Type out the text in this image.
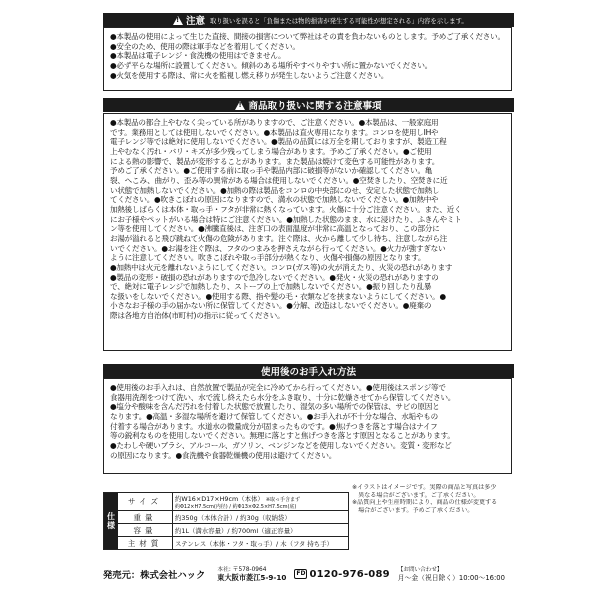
!
注意 取り扱いを誤ると「負傷または物的損害が発生する可能性が想定される」内容を示します。
●本製品の使用によって生じた直接、間接の損害について弊社はその責を負わないものとします。予めご了承ください。
●安全のため、使用の際は軍手などを着用してください。
●本製品は電子レンジ・食洗機の使用はできません。
●必ず平らな場所に設置してください。傾斜のある場所やすべりやすい所に置かないでください。
●火気を使用する際は、常に火を監視し燃え移りが発生しないようご注意ください。
!
商品取り扱いに関する注意事項
●本製品の都合上やむなく尖っている所がありますので、ご注意ください。●本製品は、一般家庭用
です。業務用としては使用しないでください。●本製品は直火専用になります。コンロを使用しIHや
電子レンジ等では絶対に使用しないでください。●製品の品質には万全を期しておりますが、製造工程
上やむなく汚れ・バリ・キズが多少残ってしまう場合があります。予めご了承ください。●ご使用
による熱の影響で、製品が変形することがあります。また製品は焼けて変色する可能性があります。
予めご了承ください。●ご使用する前に取っ手や製品内部に破損等がないか確認してください。亀
裂、へこみ、曲がり、歪み等の異常がある場合は使用しないでください。●空焚きしたり、空焚きに近
い状態で加熱しないでください。●加熱の際は製品をコンロの中央部にのせ、安定した状態で加熱し
てください。●吹きこぼれの原因になりますので、満水の状態で加熱しないでください。●加熱中や
加熱後しばらくは本体・取っ手・フタが非常に熱くなっています。火傷に十分ご注意ください。また、近く
にお子様やペットがいる場合は特にご注意ください。●加熱した状態のまま、水に浸けたり、ふきんやミト
ン等を使用してください。●沸騰直後は、注ぎ口の表面温度が非常に高温となっており、この部分に
お湯が溢れると飛び跳ねて火傷の危険があります。注ぐ際は、火から離して少し待ち、注意しながら注
いでください。●お湯を注ぐ際は、フタのつまみを押さえながら行ってください。●火力が強すぎない
ように注意してください。吹きこぼれや取っ手部分が熱くなり、火傷や損傷の原因となります。
●加熱中は火元を離れないようにしてください。コンロ(ガス等)の火が消えたり、火災の恐れがあります
●製品の変形・破損の恐れがありますので急冷しないでください。●発火・火災の恐れがありますの
で、絶対に電子レンジで加熱したり、ストーブの上で加熱しないでください。●振り回したり乱暴
な扱いをしないでください。●使用する際、指や髪の毛・衣類などを挟まないようにしてください。●
小さなお子様の手の届かない所に保管してください。●分解、改造はしないでください。●廃棄の
際は各地方自治体(市町村)の指示に従ってください。
使用後のお手入れ方法
●使用後のお手入れは、自然放置で製品が完全に冷めてから行ってください。●使用後はスポンジ等で
食器用洗剤をつけて洗い、水で流し終えたら水分をふき取り、十分に乾燥させてから保管してください。
●塩分や酸味を含んだ汚れを付着した状態で放置したり、湿気の多い場所での保管は、サビの原因と
なります。●高温・多湿な場所を避けて保管してください。●お手入れが不十分な場合、水垢やもの
付着する場合があります。水道水の微量成分が固まったものです。●焦げつきを落とす場合はナイフ
等の鋭利なものを使用しないでください。無理に落とすと焦げつきを落とす原因となることがあります。
●たわしや硬いブラシ、アルコール、ガソリン、ベンジンなどを使用しないでください。変質・変形など
の原因になります。●食洗機や食器乾燥機の使用は避けてください。
仕様
サイズ	約W16×D17×H9cm（本体） ※取っ手含まず
約Φ12×H7.5cm(内径) / 約Φ13×Φ2.5×H7.5cm(底)

重量	約350g（本体合計）/ 約30g（収納袋）
容量	約1L（満水容量）/ 約700ml（適正容量）
主材質	ステンレス（本体・フタ・取っ手）/ 木（フタ 持ち手）
※イラストはイメージです。実際の商品と写真は多少
　異なる場合がございます。ご了承ください。
※品質向上や生産時期により、商品の仕様が変更する
　場合がございます。予めご了承ください。
発売元：株式会社ハック 本社: 〒578-0964
東大阪市菱江5-9-10	FD 0120-976-089 【お問い合わせ】
月～金（祝日除く）10:00～16:00
